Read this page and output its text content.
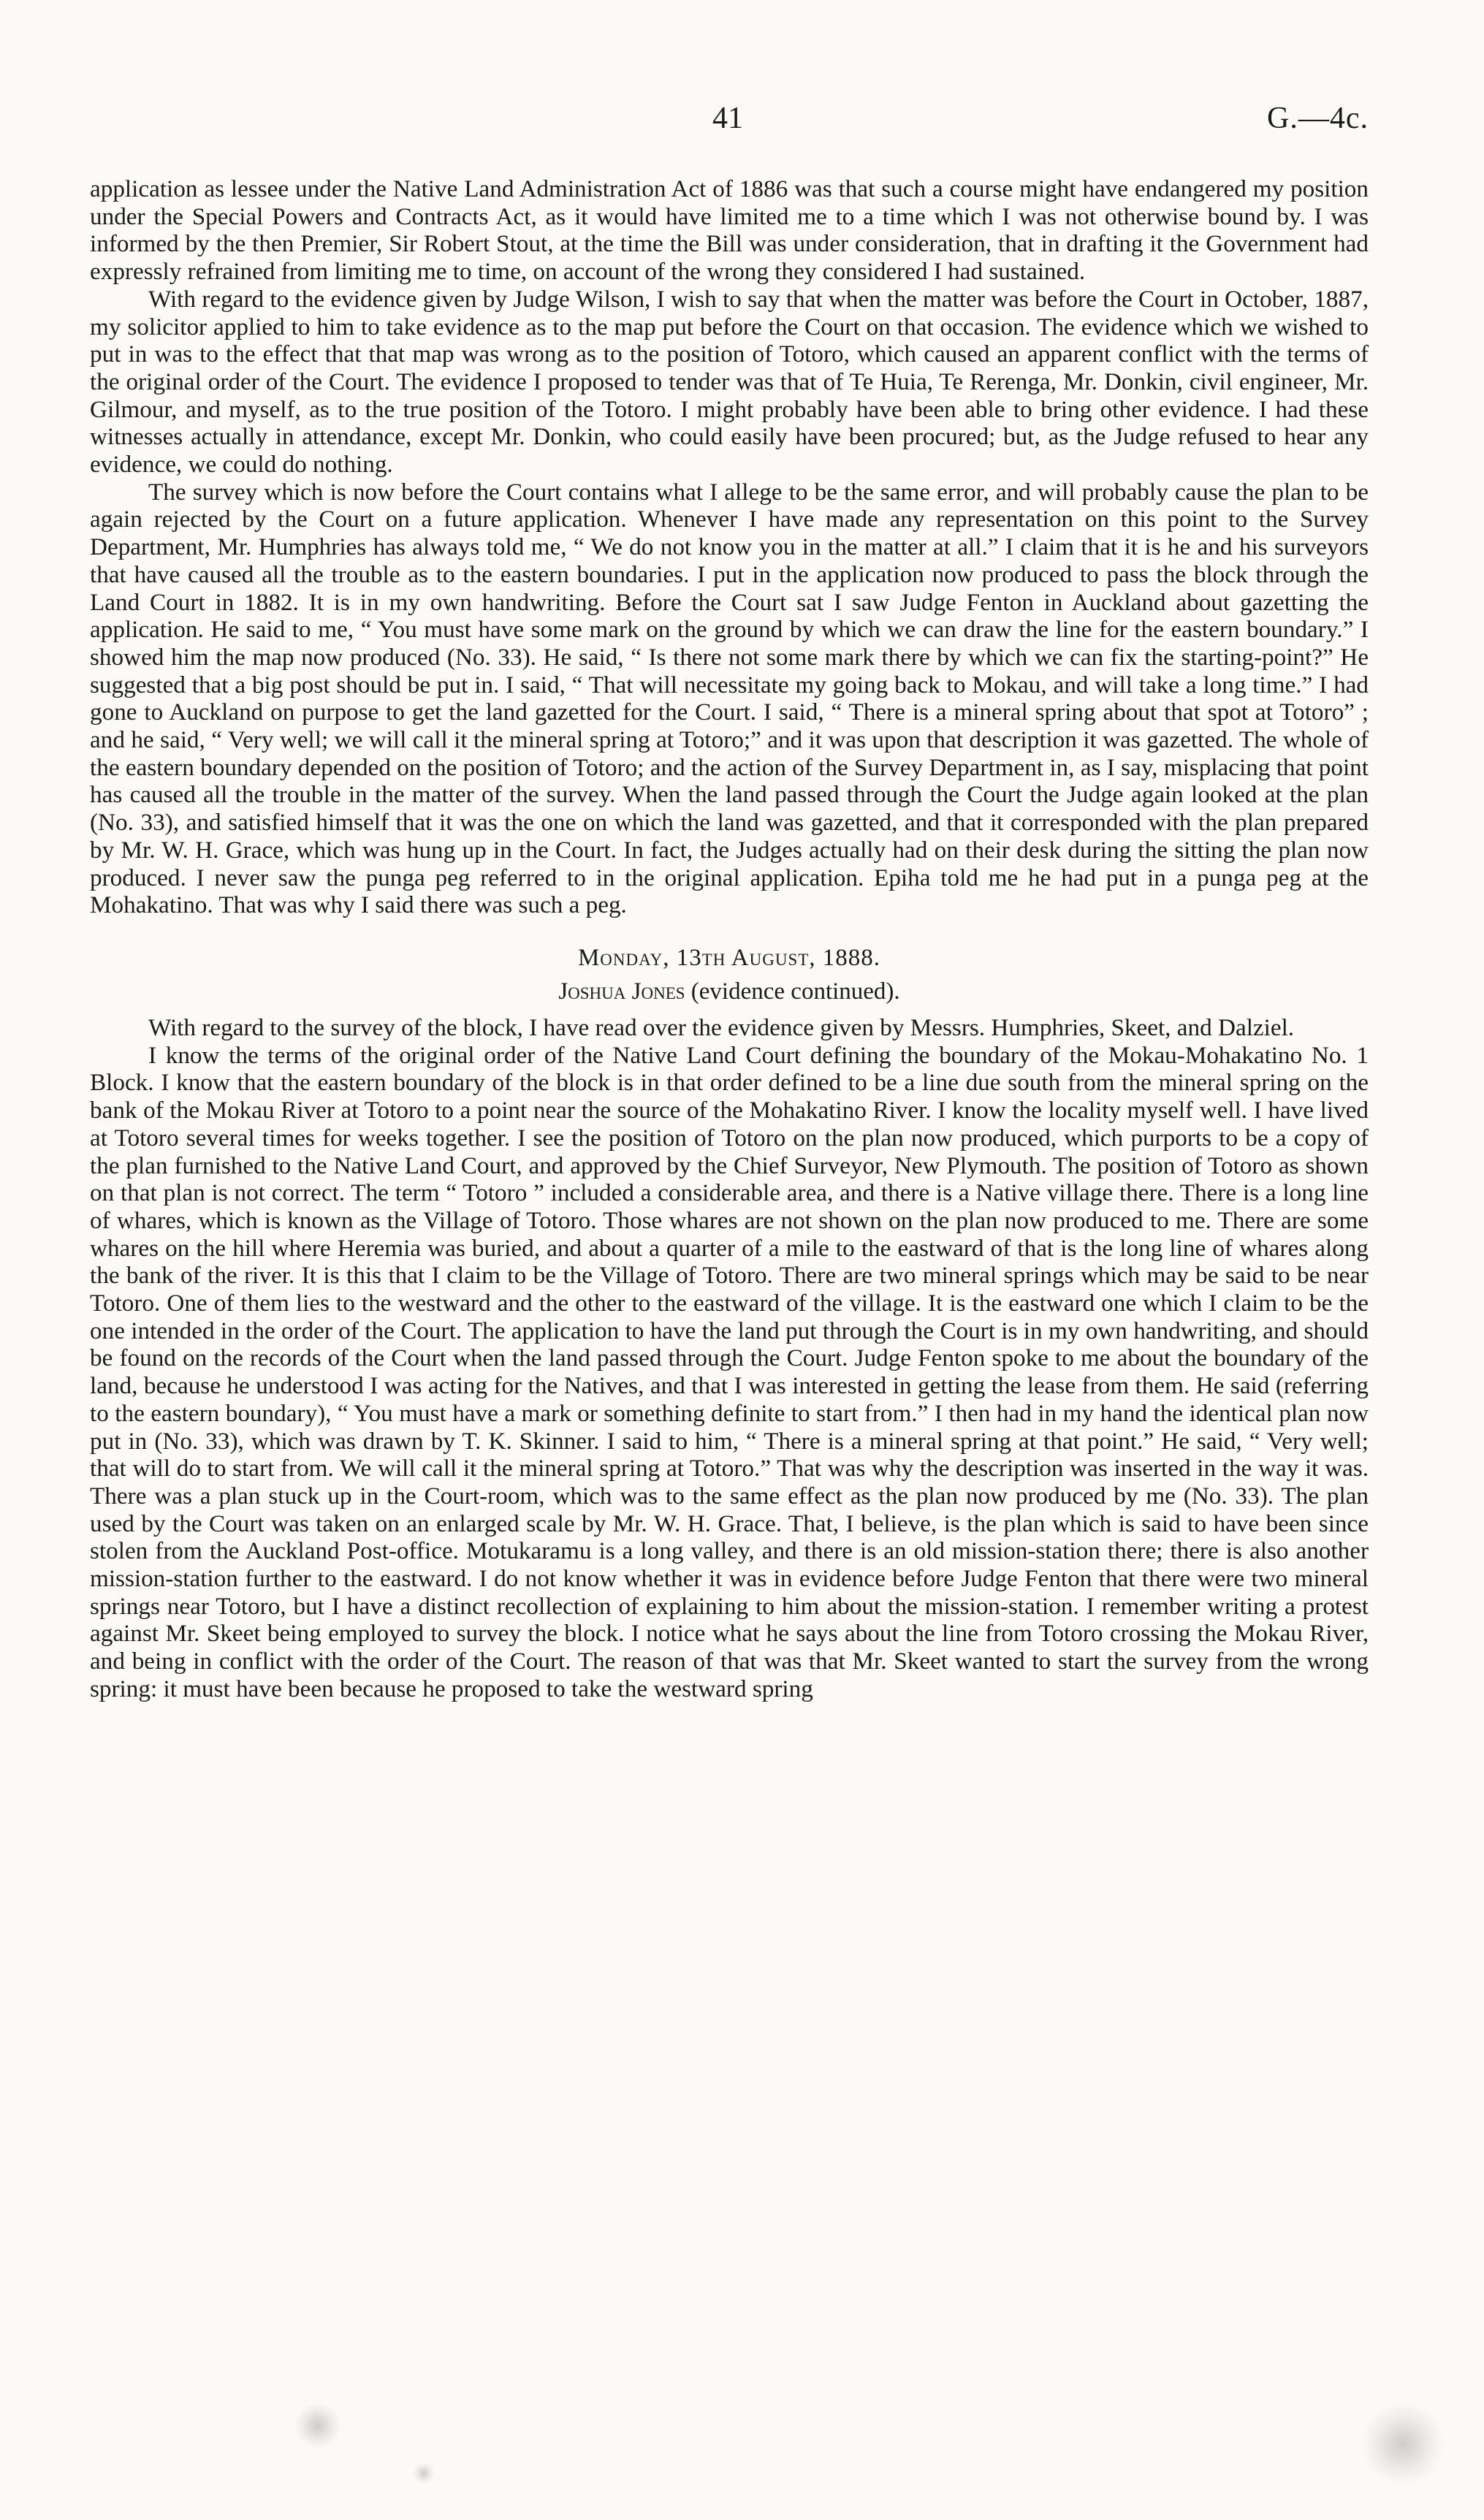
41	G.—4c.

application as lessee under the Native Land Administration Act of 1886 was that such a course might have endangered my position under the Special Powers and Contracts Act, as it would have limited me to a time which I was not otherwise bound by. I was informed by the then Premier, Sir Robert Stout, at the time the Bill was under consideration, that in drafting it the Government had expressly refrained from limiting me to time, on account of the wrong they considered I had sustained.

With regard to the evidence given by Judge Wilson, I wish to say that when the matter was before the Court in October, 1887, my solicitor applied to him to take evidence as to the map put before the Court on that occasion. The evidence which we wished to put in was to the effect that that map was wrong as to the position of Totoro, which caused an apparent conflict with the terms of the original order of the Court. The evidence I proposed to tender was that of Te Huia, Te Rerenga, Mr. Donkin, civil engineer, Mr. Gilmour, and myself, as to the true position of the Totoro. I might probably have been able to bring other evidence. I had these witnesses actually in attendance, except Mr. Donkin, who could easily have been procured; but, as the Judge refused to hear any evidence, we could do nothing.

The survey which is now before the Court contains what I allege to be the same error, and will probably cause the plan to be again rejected by the Court on a future application. Whenever I have made any representation on this point to the Survey Department, Mr. Humphries has always told me, “ We do not know you in the matter at all.” I claim that it is he and his surveyors that have caused all the trouble as to the eastern boundaries. I put in the application now produced to pass the block through the Land Court in 1882. It is in my own handwriting. Before the Court sat I saw Judge Fenton in Auckland about gazetting the application. He said to me, “ You must have some mark on the ground by which we can draw the line for the eastern boundary.” I showed him the map now produced (No. 33). He said, “ Is there not some mark there by which we can fix the starting-point?” He suggested that a big post should be put in. I said, “ That will necessitate my going back to Mokau, and will take a long time.” I had gone to Auckland on purpose to get the land gazetted for the Court. I said, “ There is a mineral spring about that spot at Totoro” ; and he said, “ Very well; we will call it the mineral spring at Totoro;” and it was upon that description it was gazetted. The whole of the eastern boundary depended on the position of Totoro; and the action of the Survey Department in, as I say, misplacing that point has caused all the trouble in the matter of the survey. When the land passed through the Court the Judge again looked at the plan (No. 33), and satisfied himself that it was the one on which the land was gazetted, and that it corresponded with the plan prepared by Mr. W. H. Grace, which was hung up in the Court. In fact, the Judges actually had on their desk during the sitting the plan now produced. I never saw the punga peg referred to in the original application. Epiha told me he had put in a punga peg at the Mohakatino. That was why I said there was such a peg.

Monday, 13th August, 1888.
Joshua Jones (evidence continued).

With regard to the survey of the block, I have read over the evidence given by Messrs. Humphries, Skeet, and Dalziel.

I know the terms of the original order of the Native Land Court defining the boundary of the Mokau-Mohakatino No. 1 Block. I know that the eastern boundary of the block is in that order defined to be a line due south from the mineral spring on the bank of the Mokau River at Totoro to a point near the source of the Mohakatino River. I know the locality myself well. I have lived at Totoro several times for weeks together. I see the position of Totoro on the plan now produced, which purports to be a copy of the plan furnished to the Native Land Court, and approved by the Chief Surveyor, New Plymouth. The position of Totoro as shown on that plan is not correct. The term “ Totoro ” included a considerable area, and there is a Native village there. There is a long line of whares, which is known as the Village of Totoro. Those whares are not shown on the plan now produced to me. There are some whares on the hill where Heremia was buried, and about a quarter of a mile to the eastward of that is the long line of whares along the bank of the river. It is this that I claim to be the Village of Totoro. There are two mineral springs which may be said to be near Totoro. One of them lies to the westward and the other to the eastward of the village. It is the eastward one which I claim to be the one intended in the order of the Court. The application to have the land put through the Court is in my own handwriting, and should be found on the records of the Court when the land passed through the Court. Judge Fenton spoke to me about the boundary of the land, because he understood I was acting for the Natives, and that I was interested in getting the lease from them. He said (referring to the eastern boundary), “ You must have a mark or something definite to start from.” I then had in my hand the identical plan now put in (No. 33), which was drawn by T. K. Skinner. I said to him, “ There is a mineral spring at that point.” He said, “ Very well; that will do to start from. We will call it the mineral spring at Totoro.” That was why the description was inserted in the way it was. There was a plan stuck up in the Court-room, which was to the same effect as the plan now produced by me (No. 33). The plan used by the Court was taken on an enlarged scale by Mr. W. H. Grace. That, I believe, is the plan which is said to have been since stolen from the Auckland Post-office. Motukaramu is a long valley, and there is an old mission-station there; there is also another mission-station further to the eastward. I do not know whether it was in evidence before Judge Fenton that there were two mineral springs near Totoro, but I have a distinct recollection of explaining to him about the mission-station. I remember writing a protest against Mr. Skeet being employed to survey the block. I notice what he says about the line from Totoro crossing the Mokau River, and being in conflict with the order of the Court. The reason of that was that Mr. Skeet wanted to start the survey from the wrong spring: it must have been because he proposed to take the westward spring
